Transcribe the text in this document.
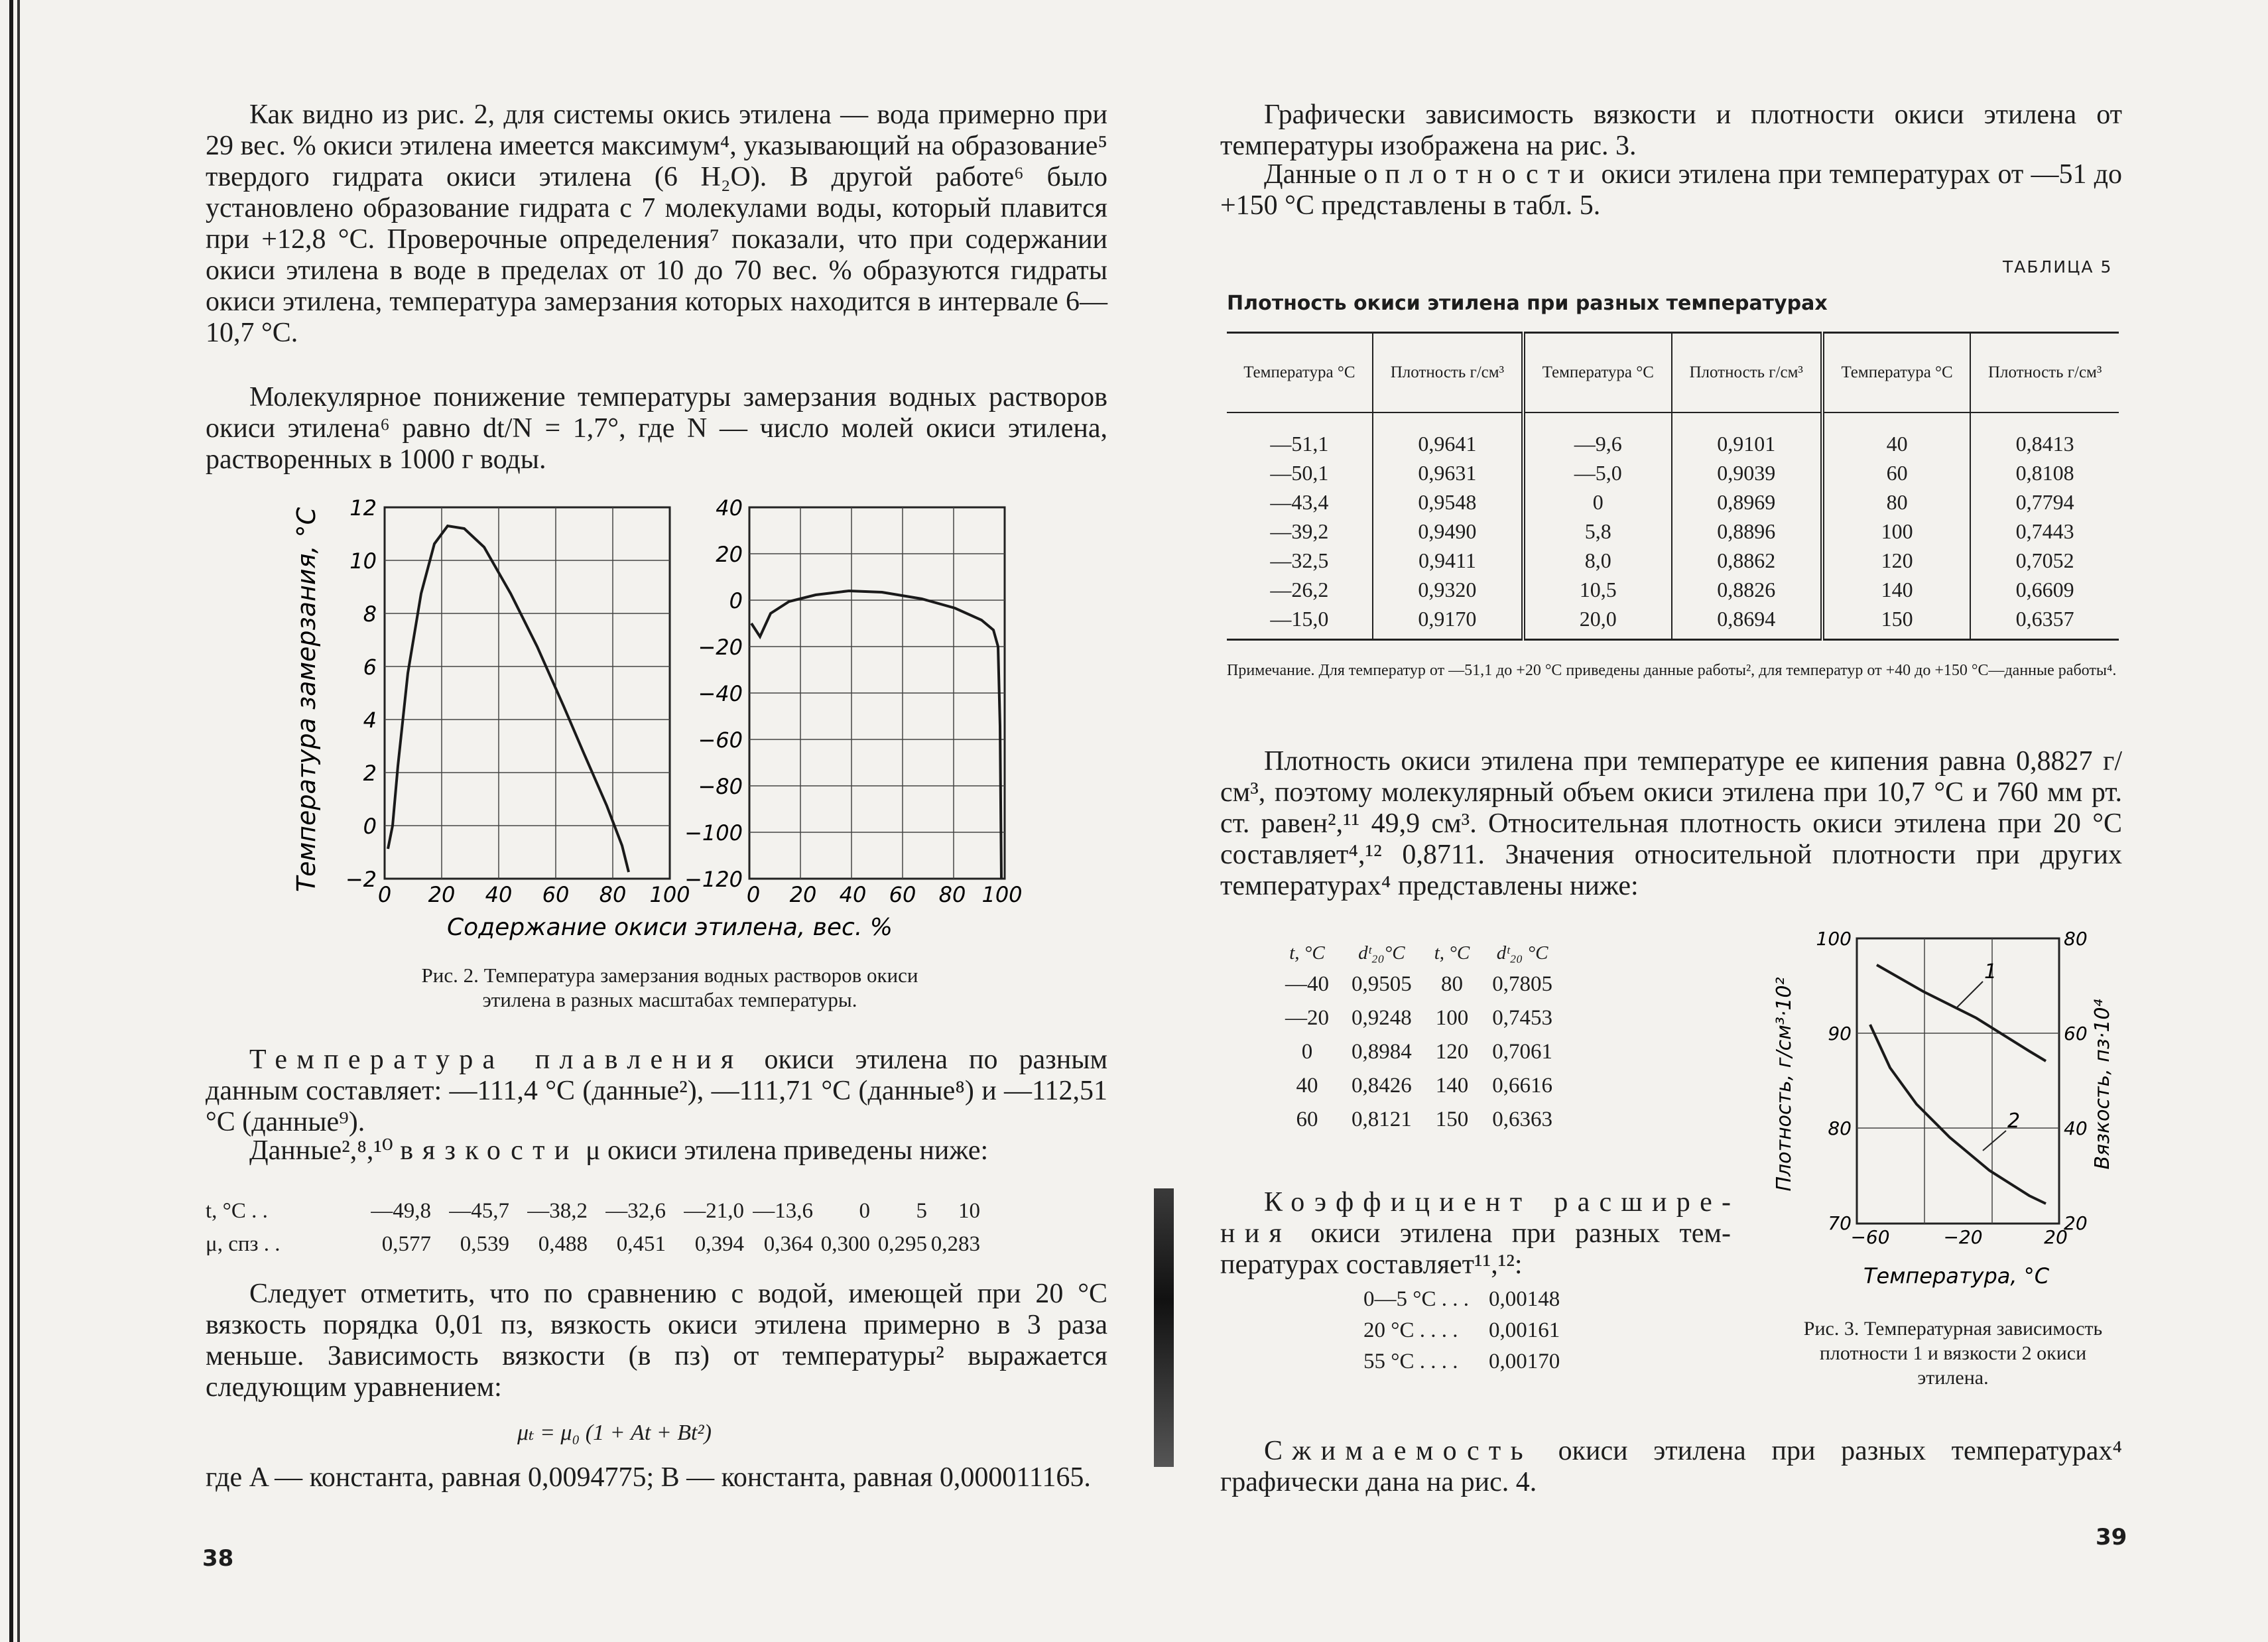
Как видно из рис. 2, для системы окись этилена — вода примерно при 29 вес. % окиси этилена имеется максимум⁴, указывающий на образование⁵ твердого гидрата окиси этилена (6 H₂O). В другой работе⁶ было установлено образование гидрата с 7 молекулами воды, который плавится при +12,8 °С. Проверочные определения⁷ показали, что при содержании окиси этилена в воде в пределах от 10 до 70 вес. % образуются гидраты окиси этилена, температура замерзания которых находится в интервале 6—10,7 °С.

Молекулярное понижение температуры замерзания водных растворов окиси этилена⁶ равно dt/N = 1,7°, где N — число молей окиси этилена, растворенных в 1000 г воды.

Температура замерзания, °С 12
10
8
6
4
2
0
−2
40
20
0
−20
−40
−60
−80
−100
−120
0 20 40 60 80 100	0 20 40 60 80 100
Содержание окиси этилена, вес. %
Рис. 2. Температура замерзания водных растворов окиси
этилена в разных масштабах температуры.

Температура плавления окиси этилена по разным данным составляет: —111,4 °С (данные²), —111,71 °С (данные⁸) и —112,51 °С (данные⁹).

Данные²,⁸,¹⁰ вязкости μ окиси этилена приведены ниже:

t, °С . .	—49,8 —45,7 —38,2 —32,6 —21,0 —13,6	0	5	10
μ, спз . .	0,577	0,539	0,488	0,451	0,394 0,364 0,300 0,295 0,283

Следует отметить, что по сравнению с водой, имеющей при 20 °С вязкость порядка 0,01 пз, вязкость окиси этилена примерно в 3 раза меньше. Зависимость вязкости (в пз) от температуры² выражается следующим уравнением:

μₜ = μ₀ (1 + At + Bt²)

где A — константа, равная 0,0094775; B — константа, равная 0,000011165.

38

Графически зависимость вязкости и плотности окиси этилена от температуры изображена на рис. 3.

Данные о плотности окиси этилена при температурах от —51 до +150 °С представлены в табл. 5.

ТАБЛИЦА 5
Плотность окиси этилена при разных температурах
Температура °С	Плотность г/см³	Температура °С	Плотность г/см³	Температура °С	Плотность г/см³
—51,1	0,9641	—9,6	0,9101	40	0,8413
—50,1	0,9631	—5,0	0,9039	60	0,8108
—43,4	0,9548	0	0,8969	80	0,7794
—39,2	0,9490	5,8	0,8896	100	0,7443
—32,5	0,9411	8,0	0,8862	120	0,7052
—26,2	0,9320	10,5	0,8826	140	0,6609
—15,0	0,9170	20,0	0,8694	150	0,6357
Примечание. Для температур от —51,1 до +20 °С приведены данные работы², для температур от +40 до +150 °С—данные работы⁴.

Плотность окиси этилена при температуре ее кипения равна 0,8827 г/см³, поэтому молекулярный объем окиси этилена при 10,7 °С и 760 мм рт. ст. равен²,¹¹ 49,9 см³. Относительная плотность окиси этилена при 20 °С составляет⁴,¹² 0,8711. Значения относительной плотности при других температурах⁴ представлены ниже:

t, °С	dᵗ₂₀°С	t, °С	dᵗ₂₀ °С
—40	0,9505	80	0,7805
—20	0,9248	100	0,7453
0	0,8984	120	0,7061
40	0,8426	140	0,6616
60	0,8121	150	0,6363

Коэффициент расширения окиси этилена при разных температурах составляет¹¹,¹²:

0—5 °С . . .	0,00148
20 °С . . . .	0,00161
55 °С . . . .	0,00170
1
2
100
90
80
70
80
60
40
20
−60	−20	20
Плотность, г/см³·10²	Вязкость, пз·10⁴
Температура, °С
Рис. 3. Температурная зависимость плотности 1 и вязкости 2 окиси этилена.

Сжимаемость окиси этилена при разных температурах⁴ графически дана на рис. 4.

39
